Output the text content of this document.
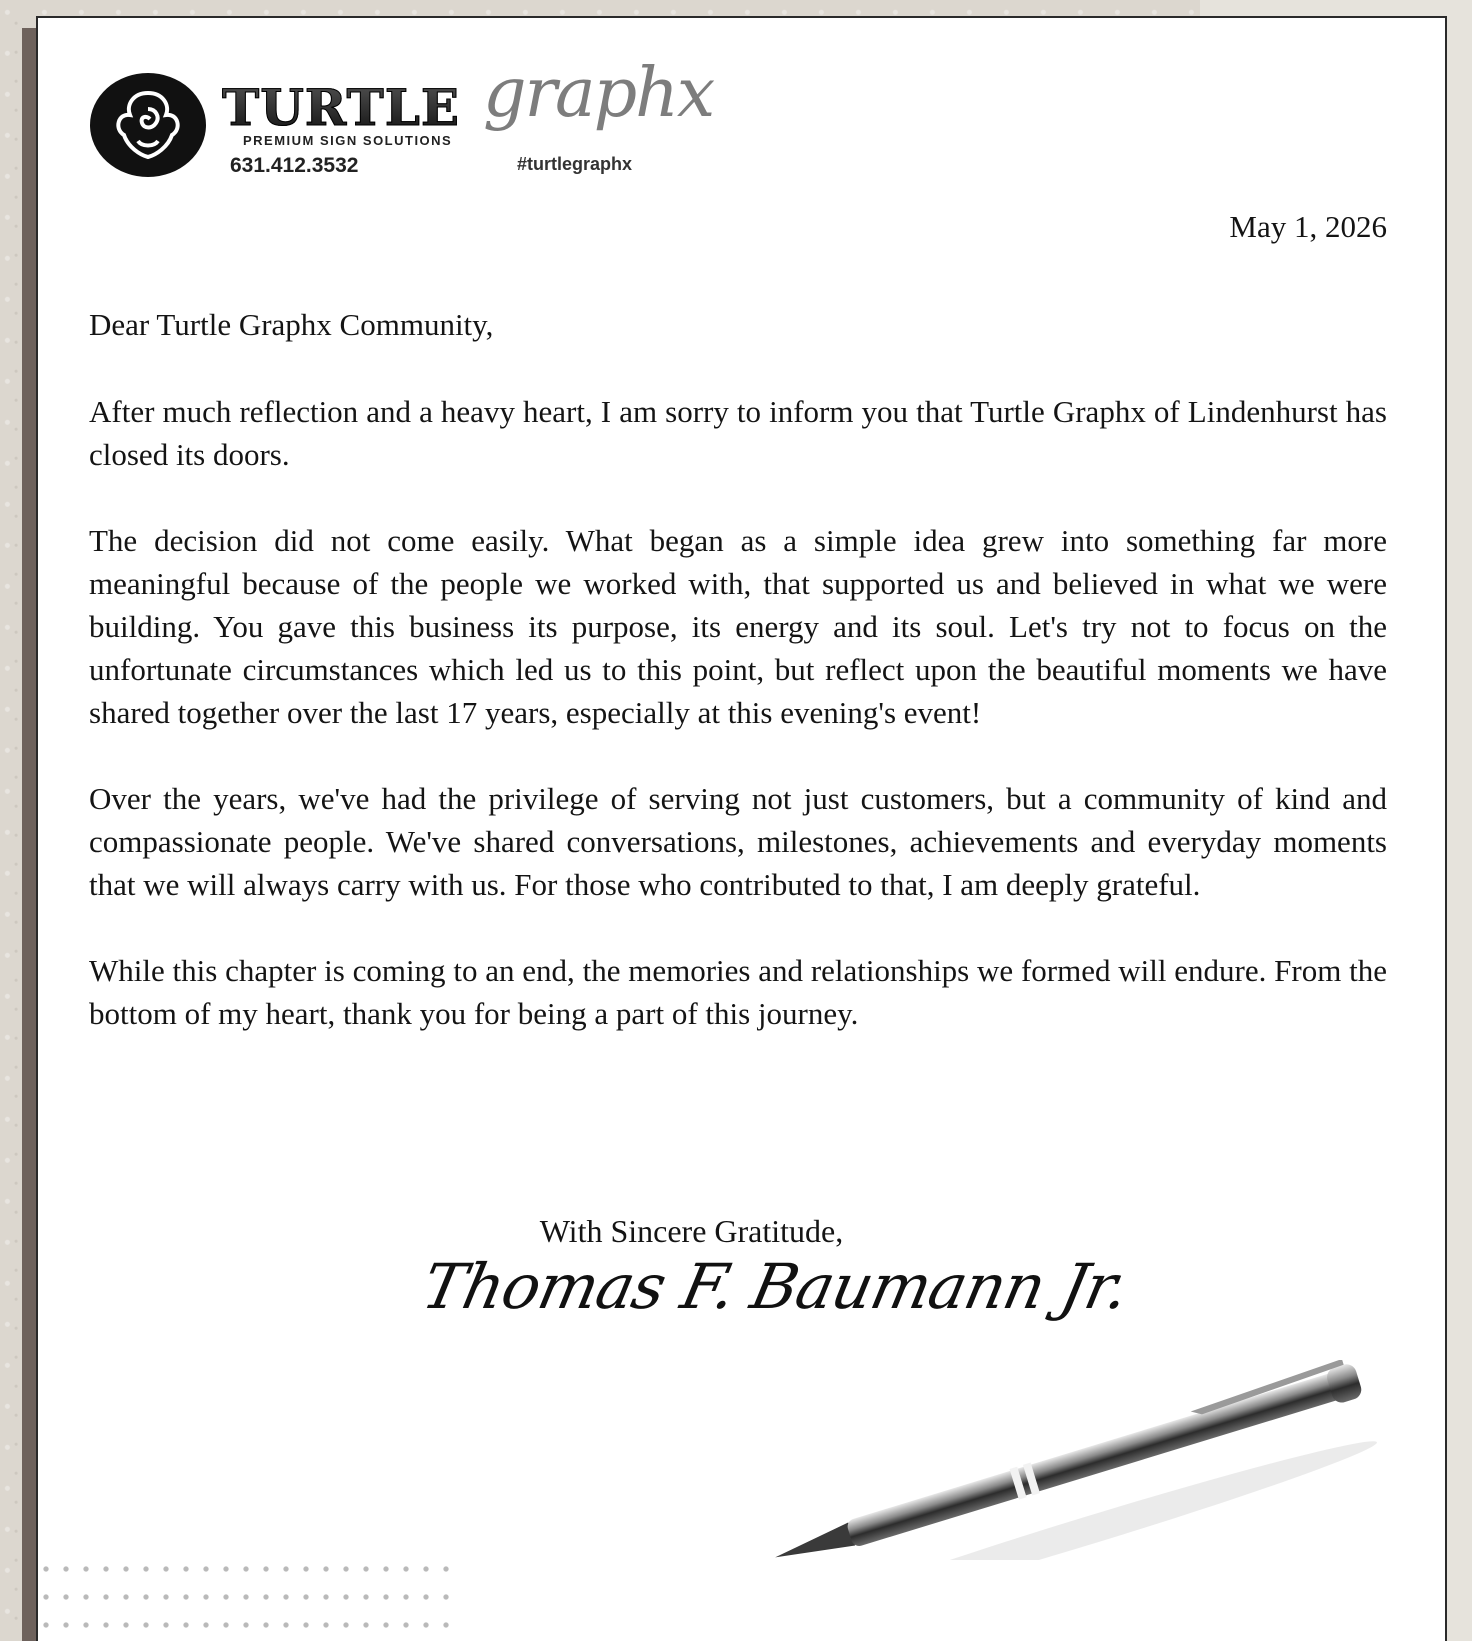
TURTLE graphx
PREMIUM SIGN SOLUTIONS
631.412.3532	#turtlegraphx

May 1, 2026

Dear Turtle Graphx Community,

After much reflection and a heavy heart, I am sorry to inform you that Turtle Graphx of Lindenhurst has closed its doors.

The decision did not come easily. What began as a simple idea grew into something far more meaningful because of the people we worked with, that supported us and believed in what we were building. You gave this business its purpose, its energy and its soul. Let's try not to focus on the unfortunate circumstances which led us to this point, but reflect upon the beautiful moments we have shared together over the last 17 years, especially at this evening's event!

Over the years, we've had the privilege of serving not just customers, but a community of kind and compassionate people. We've shared conversations, milestones, achievements and everyday moments that we will always carry with us. For those who contributed to that, I am deeply grateful.

While this chapter is coming to an end, the memories and relationships we formed will endure. From the bottom of my heart, thank you for being a part of this journey.

With Sincere Gratitude,
Thomas F. Baumann Jr.
